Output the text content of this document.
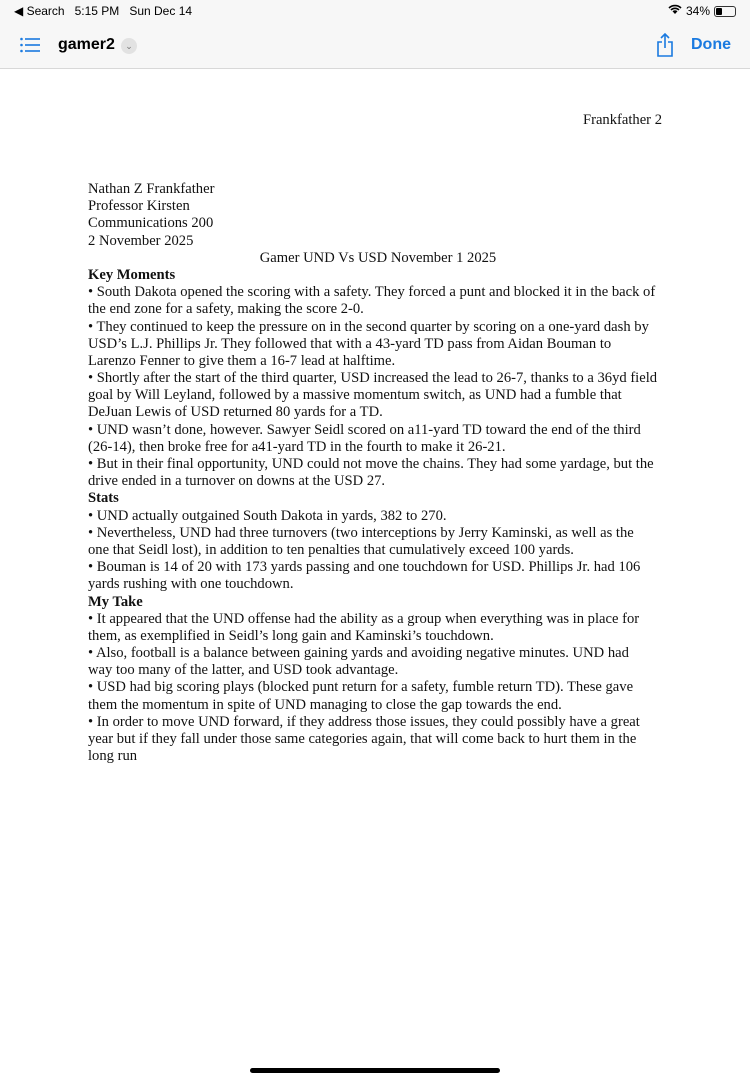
◀ Search 5:15 PM Sun Dec 14	34%
gamer2	⌄	Done
Frankfather 2
Nathan Z Frankfather
Professor Kirsten
Communications 200
2 November 2025
Gamer UND Vs USD November 1 2025
Key Moments
• South Dakota opened the scoring with a safety. They forced a punt and blocked it in the back of
the end zone for a safety, making the score 2-0.
• They continued to keep the pressure on in the second quarter by scoring on a one-yard dash by
USD’s L.J. Phillips Jr. They followed that with a 43-yard TD pass from Aidan Bouman to
Larenzo Fenner to give them a 16-7 lead at halftime.
• Shortly after the start of the third quarter, USD increased the lead to 26-7, thanks to a 36yd field
goal by Will Leyland, followed by a massive momentum switch, as UND had a fumble that
DeJuan Lewis of USD returned 80 yards for a TD.
• UND wasn’t done, however. Sawyer Seidl scored on a11-yard TD toward the end of the third
(26-14), then broke free for a41-yard TD in the fourth to make it 26-21.
• But in their final opportunity, UND could not move the chains. They had some yardage, but the
drive ended in a turnover on downs at the USD 27.
Stats
• UND actually outgained South Dakota in yards, 382 to 270.
• Nevertheless, UND had three turnovers (two interceptions by Jerry Kaminski, as well as the
one that Seidl lost), in addition to ten penalties that cumulatively exceed 100 yards.
• Bouman is 14 of 20 with 173 yards passing and one touchdown for USD. Phillips Jr. had 106
yards rushing with one touchdown.
My Take
• It appeared that the UND offense had the ability as a group when everything was in place for
them, as exemplified in Seidl’s long gain and Kaminski’s touchdown.
• Also, football is a balance between gaining yards and avoiding negative minutes. UND had
way too many of the latter, and USD took advantage.
• USD had big scoring plays (blocked punt return for a safety, fumble return TD). These gave
them the momentum in spite of UND managing to close the gap towards the end.
• In order to move UND forward, if they address those issues, they could possibly have a great
year but if they fall under those same categories again, that will come back to hurt them in the
long run
